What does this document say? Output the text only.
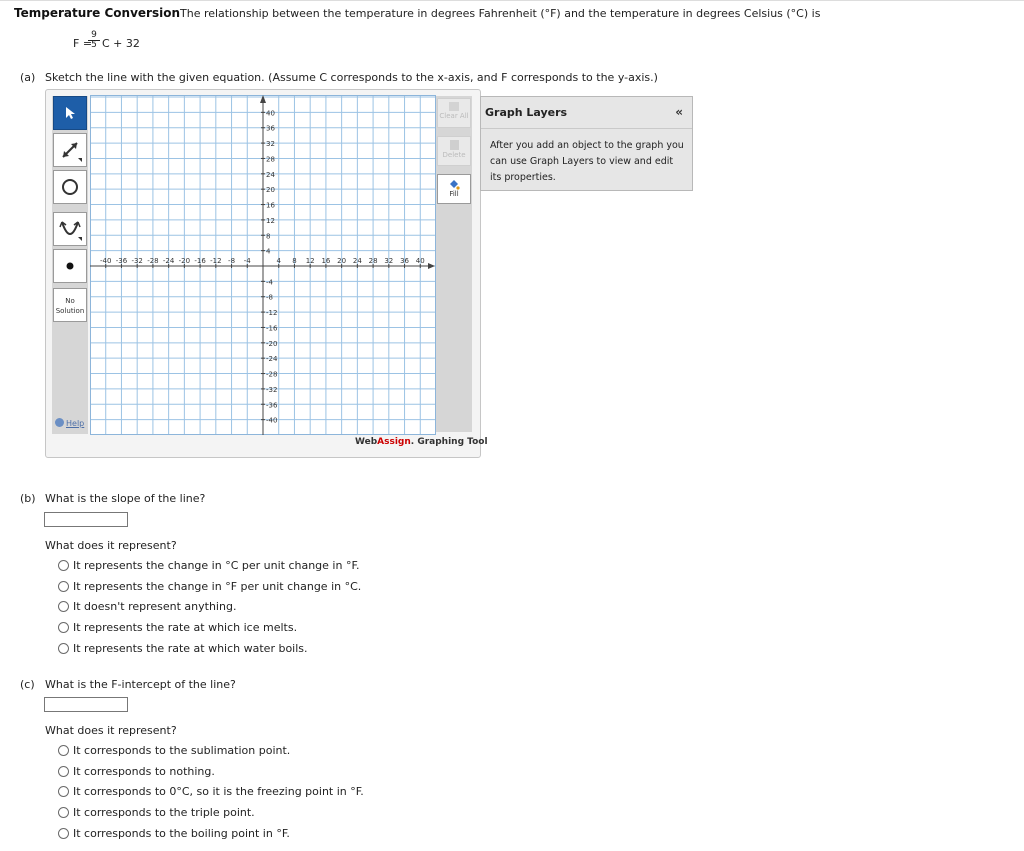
Temperature Conversion The relationship between the temperature in degrees Fahrenheit (°F) and the temperature in degrees Celsius (°C) is
F =
$\frac{9}{5}$ C + 32
(a) Sketch the line with the given equation. (Assume C corresponds to the x-axis, and F corresponds to the y-axis.)
No Solution
Help
-40 -36 -32 -28 -24 -20 -16 -12 -8 -4	4 8 12 16 20 24 28 32 36 40
40
36
32
28
24
20
16
12
8
4
-4
-8
-12
-16
-20
-24
-28
-32
-36
-40
Clear All
Delete
Fill
WebAssign. Graphing Tool
Graph Layers	«
After you add an object to the graph you can use Graph Layers to view and edit its properties.
(b) What is the slope of the line?
What does it represent?
It represents the change in °C per unit change in °F.
It represents the change in °F per unit change in °C.
It doesn't represent anything.
It represents the rate at which ice melts.
It represents the rate at which water boils.
(c) What is the F-intercept of the line?
What does it represent?
It corresponds to the sublimation point.
It corresponds to nothing.
It corresponds to 0°C, so it is the freezing point in °F.
It corresponds to the triple point.
It corresponds to the boiling point in °F.
